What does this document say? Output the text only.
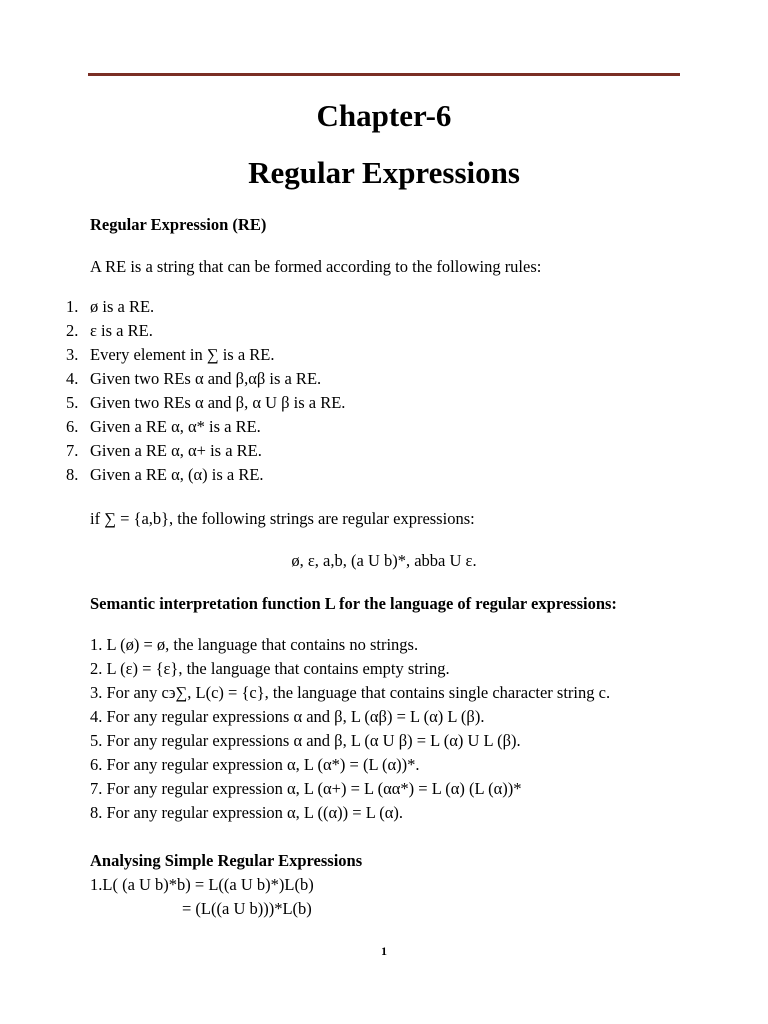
Chapter-6
Regular Expressions
Regular Expression (RE)
A RE is a string that can be formed according to the following rules:
1. ø is a RE.
2. ε is a RE.
3. Every element in ∑ is a RE.
4. Given two REs α and β,αβ is a RE.
5. Given two REs α and β, α U β is a RE.
6. Given a RE α, α* is a RE.
7. Given a RE α, α+ is a RE.
8. Given a RE α, (α) is a RE.
if ∑ = {a,b}, the following strings are regular expressions:
ø, ε, a,b, (a U b)*, abba U ε.
Semantic interpretation function L for the language of regular expressions:
1. L (ø) = ø, the language that contains no strings.
2. L (ε) = {ε}, the language that contains empty string.
3. For any c϶∑, L(c) = {c}, the language that contains single character string c.
4. For any regular expressions α and β, L (αβ) = L (α) L (β).
5. For any regular expressions α and β, L (α U β) = L (α) U L (β).
6. For any regular expression α, L (α*) = (L (α))*.
7. For any regular expression α, L (α+) = L (αα*) = L (α) (L (α))*
8. For any regular expression α, L ((α)) = L (α).
Analysing Simple Regular Expressions
1.L( (a U b)*b) = L((a U b)*)L(b)
= (L((a U b)))*L(b)
1
